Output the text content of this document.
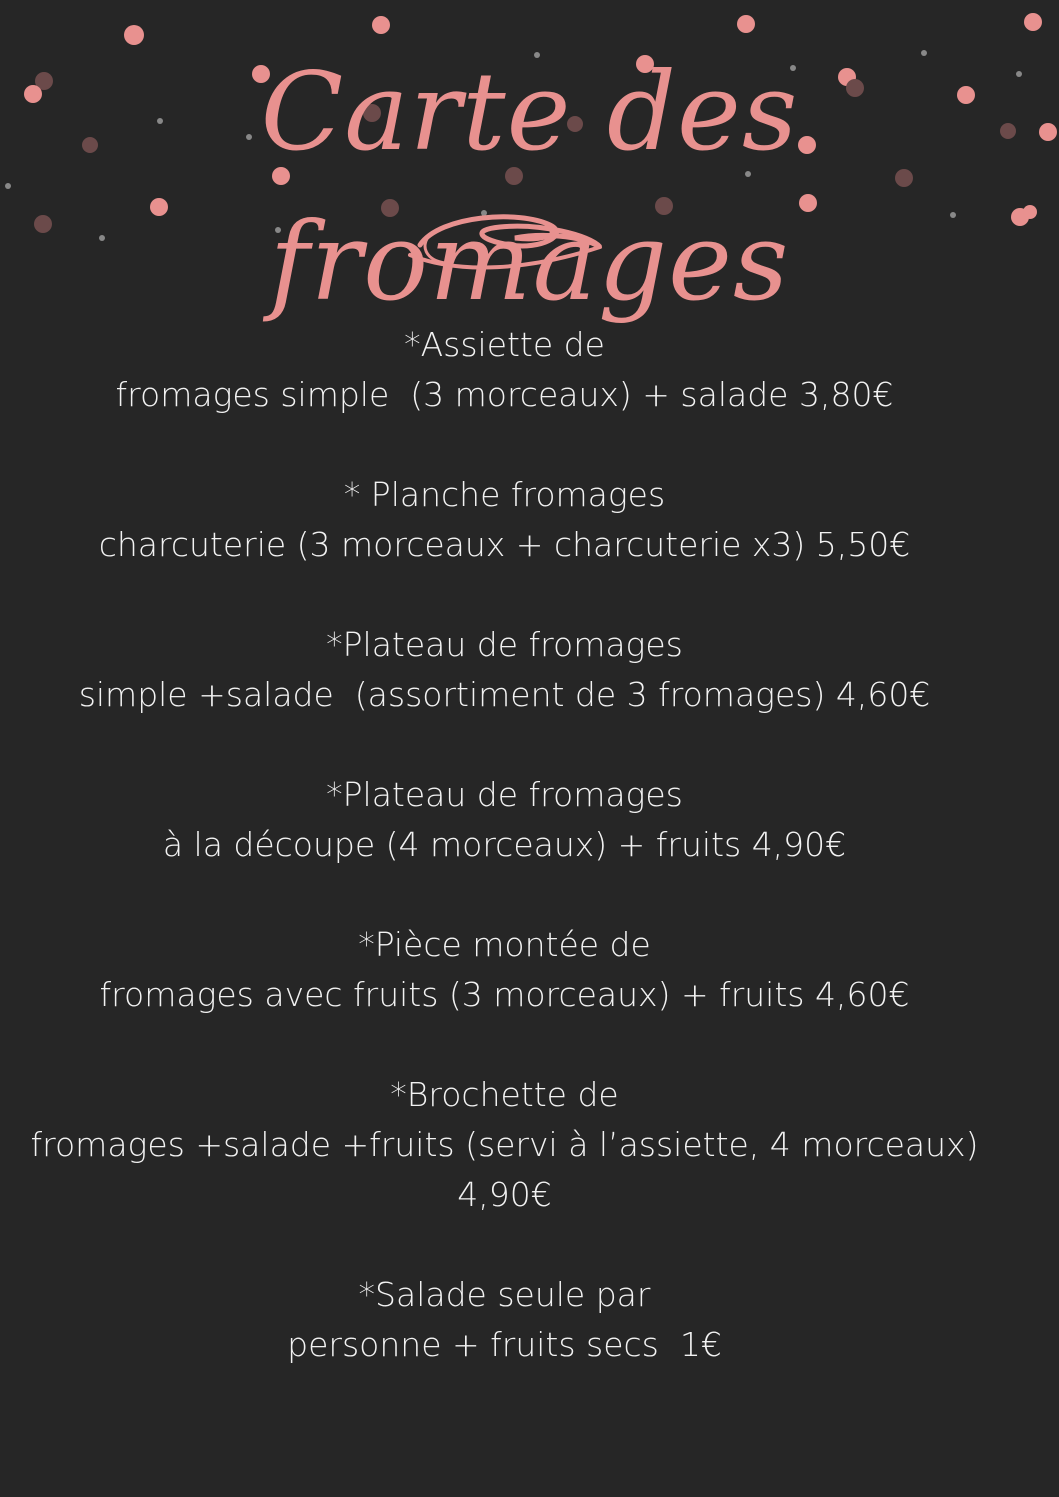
Carte des fromages
*Assiette de
fromages simple  (3 morceaux) + salade 3,80€
* Planche fromages
charcuterie (3 morceaux + charcuterie x3) 5,50€
*Plateau de fromages
simple +salade  (assortiment de 3 fromages) 4,60€
*Plateau de fromages
à la découpe (4 morceaux) + fruits 4,90€
*Pièce montée de
fromages avec fruits (3 morceaux) + fruits 4,60€
*Brochette de
fromages +salade +fruits (servi à l’assiette, 4 morceaux)
4,90€
*Salade seule par
personne + fruits secs  1€
